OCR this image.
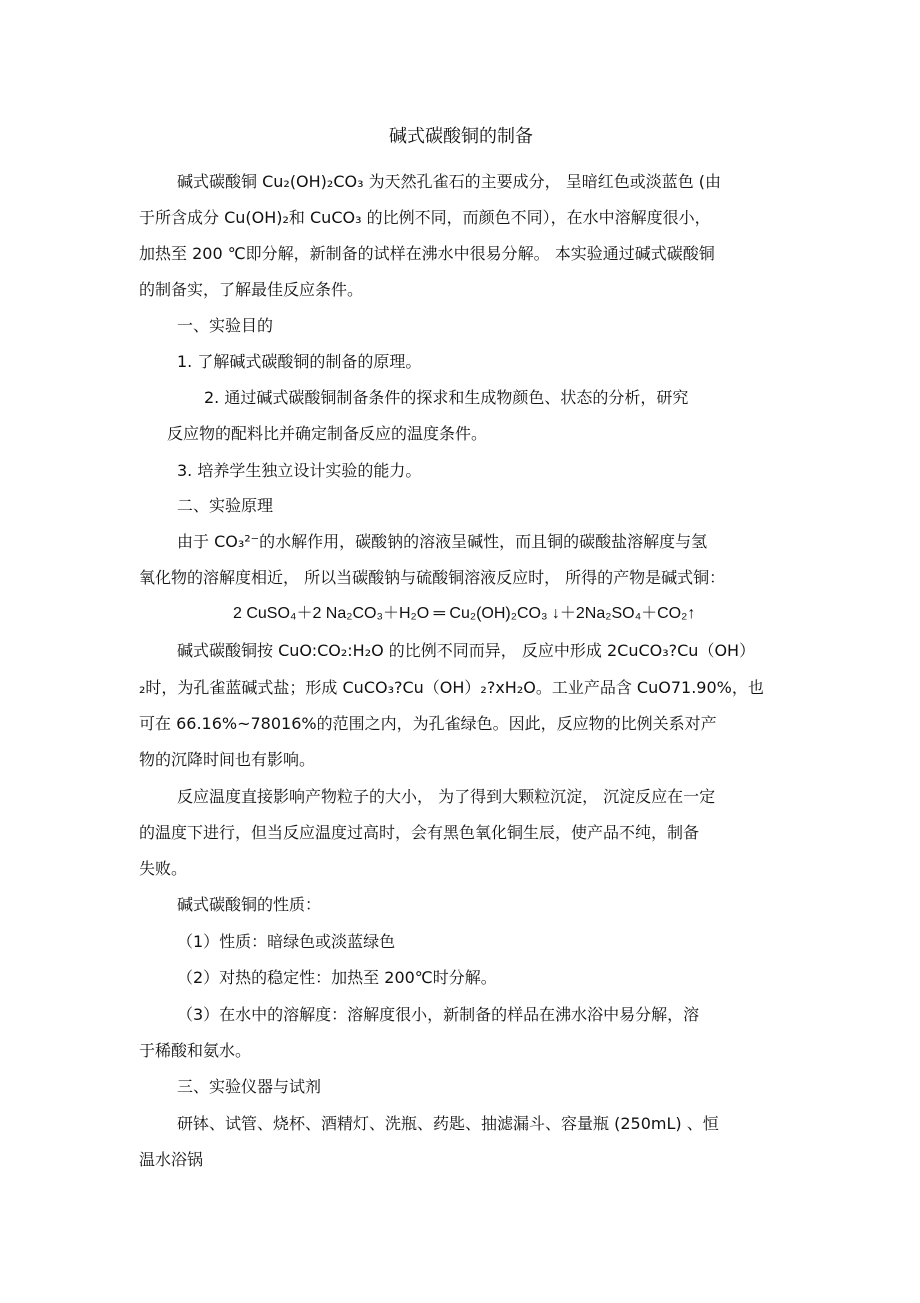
碱式碳酸铜的制备
碱式碳酸铜 Cu₂(OH)₂CO₃ 为天然孔雀石的主要成分， 呈暗红色或淡蓝色 (由
于所含成分 Cu(OH)₂和 CuCO₃ 的比例不同，而颜色不同），在水中溶解度很小，
加热至 200 ℃即分解，新制备的试样在沸水中很易分解。 本实验通过碱式碳酸铜
的制备实，了解最佳反应条件。
一、实验目的
1. 了解碱式碳酸铜的制备的原理。
2. 通过碱式碳酸铜制备条件的探求和生成物颜色、状态的分析，研究
反应物的配料比并确定制备反应的温度条件。
3. 培养学生独立设计实验的能力。
二、实验原理
由于 CO₃²⁻的水解作用，碳酸钠的溶液呈碱性，而且铜的碳酸盐溶解度与氢
氧化物的溶解度相近， 所以当碳酸钠与硫酸铜溶液反应时， 所得的产物是碱式铜：
2 CuSO₄＋2 Na₂CO₃＋H₂O ═ Cu₂(OH)₂CO₃ ↓＋2Na₂SO₄＋CO₂↑
碱式碳酸铜按 CuO:CO₂:H₂O 的比例不同而异， 反应中形成 2CuCO₃?Cu（OH）
₂时，为孔雀蓝碱式盐；形成 CuCO₃?Cu（OH）₂?xH₂O。工业产品含 CuO71.90%，也
可在 66.16%~78016%的范围之内，为孔雀绿色。因此，反应物的比例关系对产
物的沉降时间也有影响。
反应温度直接影响产物粒子的大小， 为了得到大颗粒沉淀， 沉淀反应在一定
的温度下进行，但当反应温度过高时，会有黑色氧化铜生辰，使产品不纯，制备
失败。
碱式碳酸铜的性质：
（1）性质：暗绿色或淡蓝绿色
（2）对热的稳定性：加热至 200℃时分解。
（3）在水中的溶解度：溶解度很小，新制备的样品在沸水浴中易分解，溶
于稀酸和氨水。
三、实验仪器与试剂
研钵、试管、烧杯、酒精灯、洗瓶、药匙、抽滤漏斗、容量瓶 (250mL) 、恒
温水浴锅
